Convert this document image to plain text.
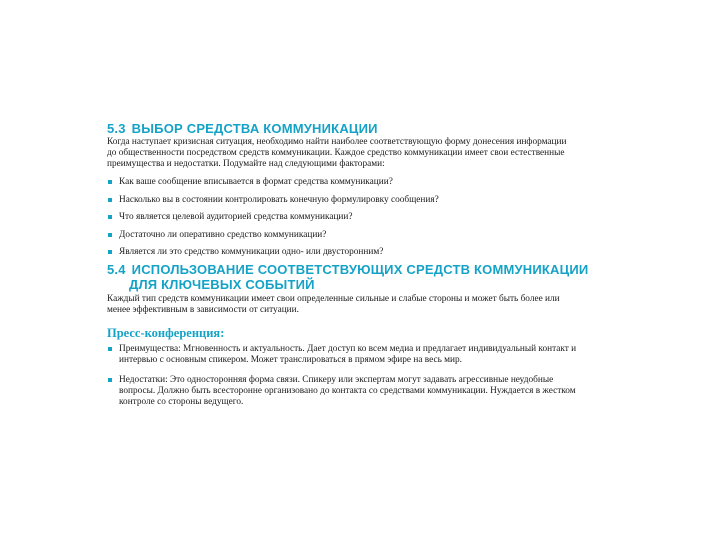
5.3 ВЫБОР СРЕДСТВА КОММУНИКАЦИИ

Когда наступает кризисная ситуация, необходимо найти наиболее соответствующую форму донесения информации до общественности посредством средств коммуникации. Каждое средство коммуникации имеет свои естественные преимущества и недостатки. Подумайте над следующими факторами:

Как ваше сообщение вписывается в формат средства коммуникации?
Насколько вы в состоянии контролировать конечную формулировку сообщения?
Что является целевой аудиторией средства коммуникации?
Достаточно ли оперативно средство коммуникации?
Является ли это средство коммуникации одно- или двусторонним?
5.4 ИСПОЛЬЗОВАНИЕ СООТВЕТСТВУЮЩИХ СРЕДСТВ КОММУНИКАЦИИ
ДЛЯ КЛЮЧЕВЫХ СОБЫТИЙ

Каждый тип средств коммуникации имеет свои определенные сильные и слабые стороны и может быть более или менее эффективным в зависимости от ситуации.

Пресс-конференция:
Преимущества: Мгновенность и актуальность. Дает доступ ко всем медиа и предлагает индивидуальный контакт и интервью с основным спикером. Может транслироваться в прямом эфире на весь мир.
Недостатки: Это односторонняя форма связи. Спикеру или экспертам могут задавать агрессивные неудобные вопросы. Должно быть всесторонне организовано до контакта со средствами коммуникации. Нуждается в жестком контроле со стороны ведущего.
